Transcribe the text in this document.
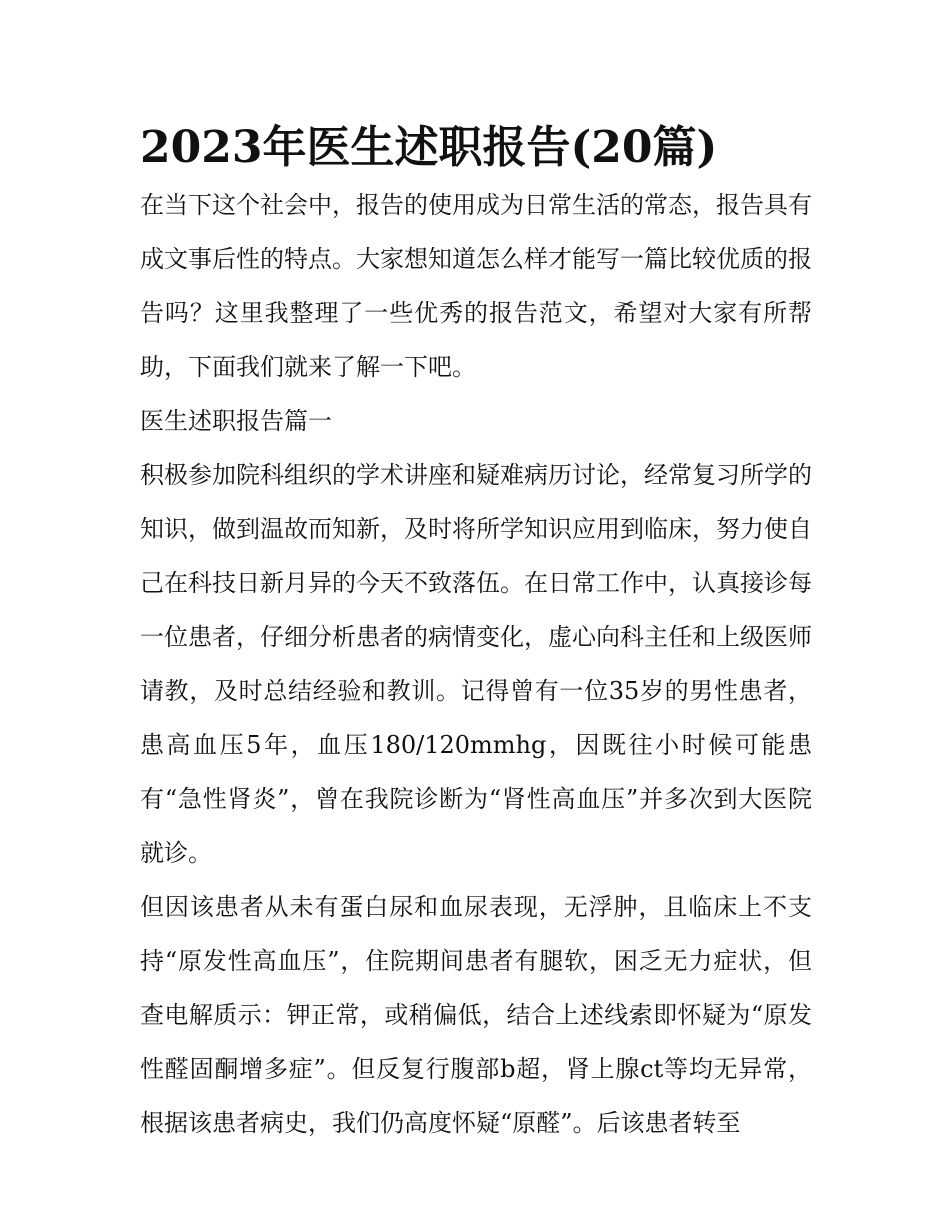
2023年医生述职报告(20篇)

在当下这个社会中，报告的使用成为日常生活的常态，报告具有成文事后性的特点。大家想知道怎么样才能写一篇比较优质的报告吗？这里我整理了一些优秀的报告范文，希望对大家有所帮助，下面我们就来了解一下吧。

医生述职报告篇一

积极参加院科组织的学术讲座和疑难病历讨论，经常复习所学的知识，做到温故而知新，及时将所学知识应用到临床，努力使自己在科技日新月异的今天不致落伍。在日常工作中，认真接诊每一位患者，仔细分析患者的病情变化，虚心向科主任和上级医师请教，及时总结经验和教训。记得曾有一位35岁的男性患者，患高血压5年，血压180/120mmhg，因既往小时候可能患有“急性肾炎”，曾在我院诊断为“肾性高血压”并多次到大医院就诊。

但因该患者从未有蛋白尿和血尿表现，无浮肿，且临床上不支持“原发性高血压”，住院期间患者有腿软，困乏无力症状，但查电解质示：钾正常，或稍偏低，结合上述线索即怀疑为“原发性醛固酮增多症”。但反复行腹部b超，肾上腺ct等均无异常，根据该患者病史，我们仍高度怀疑“原醛”。后该患者转至
